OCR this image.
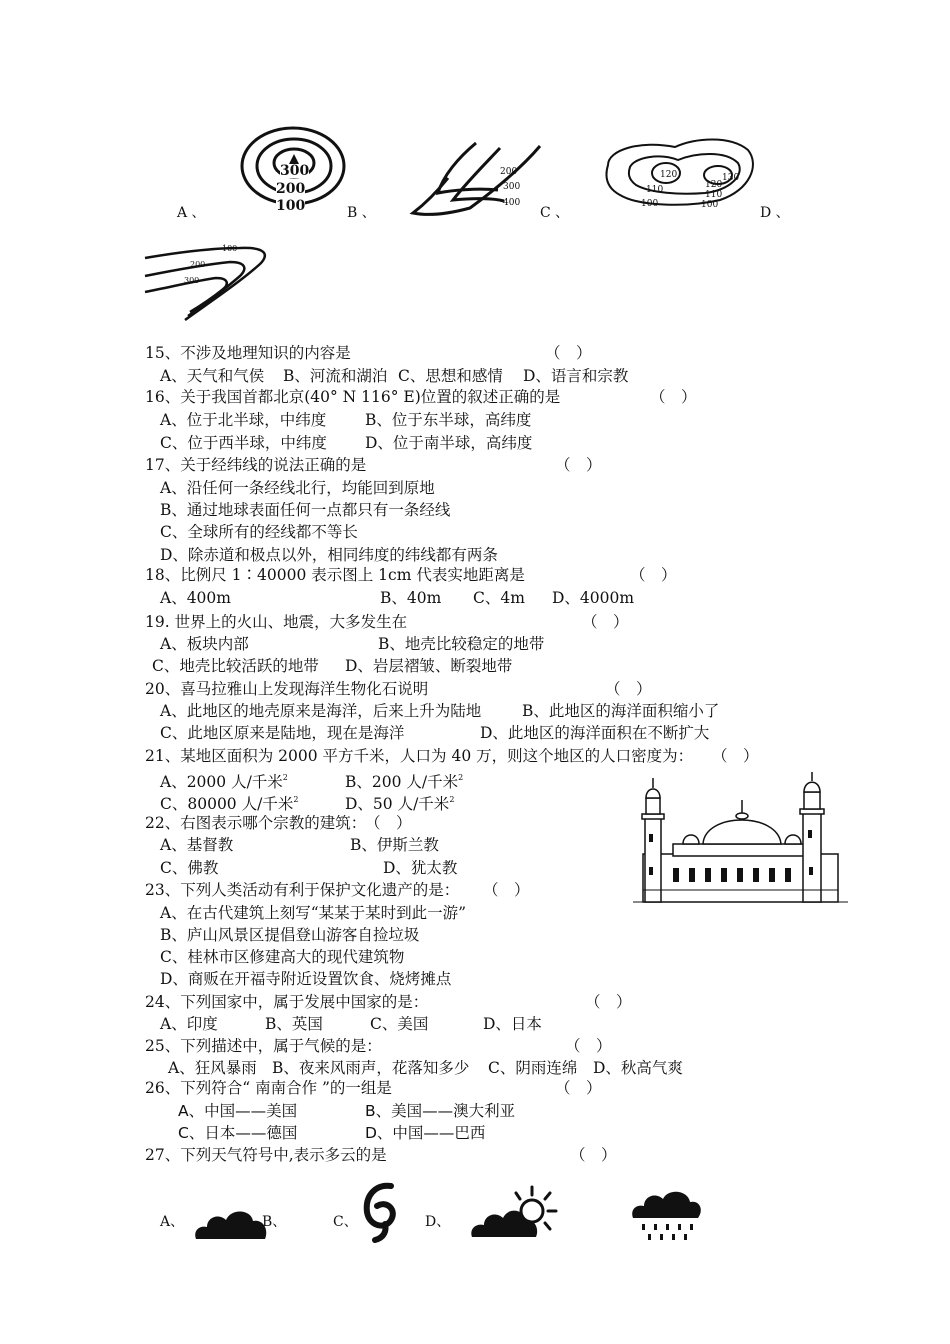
300
200
100
200
300
400
120
110
100
120
130
110
100
100
200
300
A 、	B 、	C 、	D 、
15、不涉及地理知识的内容是	（　）
A、天气和气侯 B、河流和湖泊 C、思想和感情 D、语言和宗教
16、关于我国首都北京(40° N 116° E)位置的叙述正确的是	（　）
A、位于北半球，中纬度	B、位于东半球，高纬度
C、位于西半球，中纬度 D、位于南半球，高纬度
17、关于经纬线的说法正确的是	（　）
A、沿任何一条经线北行，均能回到原地
B、通过地球表面任何一点都只有一条经线
C、全球所有的经线都不等长
D、除赤道和极点以外，相同纬度的纬线都有两条
18、比例尺 1∶40000 表示图上 1cm 代表实地距离是	（　）
A、400m	B、40m C、4m D、4000m
19. 世界上的火山、地震，大多发生在	（　）
A、板块内部	B、地壳比较稳定的地带
C、地壳比较活跃的地带 D、岩层褶皱、断裂地带
20、喜马拉雅山上发现海洋生物化石说明	（　）
A、此地区的地壳原来是海洋，后来上升为陆地	B、此地区的海洋面积缩小了
C、此地区原来是陆地，现在是海洋	D、此地区的海洋面积在不断扩大
21、某地区面积为 2000 平方千米，人口为 40 万，则这个地区的人口密度为： （　）
A、2000 人/千米$^2$	B、200 人/千米$^2$
C、80000 人/千米$^2$	D、50 人/千米$^2$
22、右图表示哪个宗教的建筑：
（　）
A、基督教	B、伊斯兰教
C、佛教	D、犹太教
23、下列人类活动有利于保护文化遗产的是： （　）
A、在古代建筑上刻写“某某于某时到此一游”
B、庐山风景区提倡登山游客自捡垃圾
C、桂林市区修建高大的现代建筑物
D、商贩在开福寺附近设置饮食、烧烤摊点
24、下列国家中，属于发展中国家的是：	（　）
A、印度	B、英国	C、美国	D、日本
25、下列描述中，属于气候的是：	（　）
A、狂风暴雨 B、夜来风雨声，花落知多少 C、阴雨连绵 D、秋高气爽
26、下列符合“ 南南合作 ”的一组是	（　）
A、中国——美国	B、美国——澳大利亚
C、日本——德国	D、中国——巴西
27、下列天气符号中,表示多云的是	（　）
A、	B、	C、	D、
